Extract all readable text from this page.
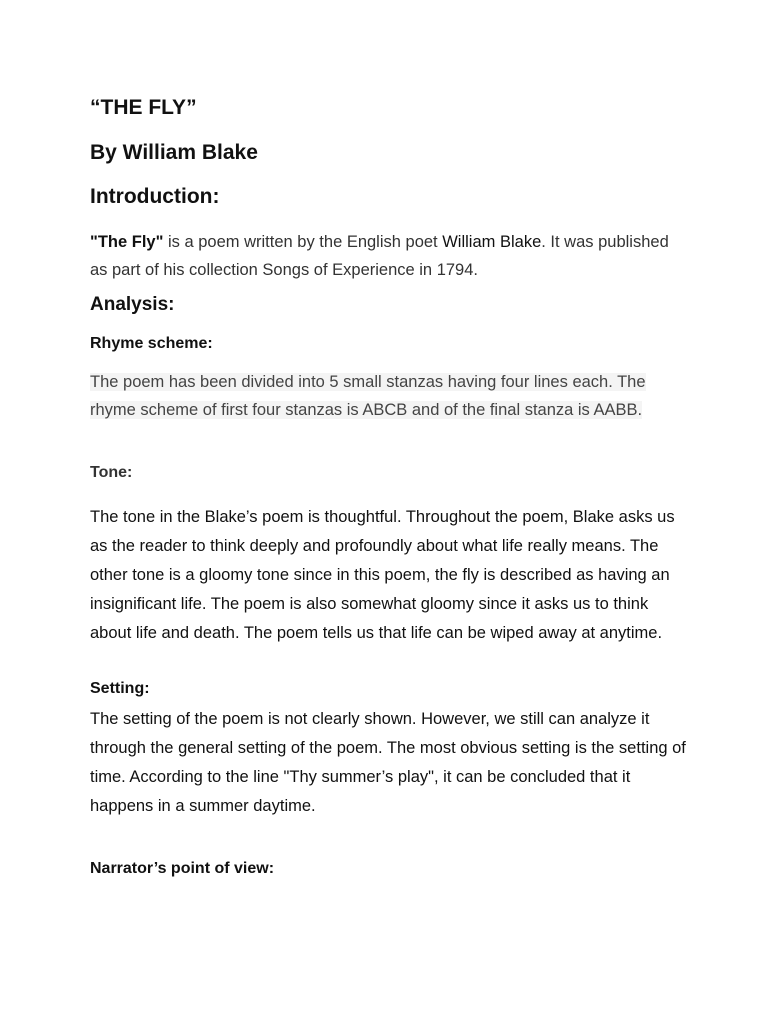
“THE FLY”
By William Blake
Introduction:

"The Fly" is a poem written by the English poet William Blake. It was published as part of his collection Songs of Experience in 1794.

Analysis:
Rhyme scheme:

The poem has been divided into 5 small stanzas having four lines each. The rhyme scheme of first four stanzas is ABCB and of the final stanza is AABB.

Tone:

The tone in the Blake’s poem is thoughtful. Throughout the poem, Blake asks us as the reader to think deeply and profoundly about what life really means. The other tone is a gloomy tone since in this poem, the fly is described as having an insignificant life. The poem is also somewhat gloomy since it asks us to think about life and death. The poem tells us that life can be wiped away at anytime.

Setting:

The setting of the poem is not clearly shown. However, we still can analyze it through the general setting of the poem. The most obvious setting is the setting of time. According to the line "Thy summer’s play", it can be concluded that it happens in a summer daytime.

Narrator’s point of view:
